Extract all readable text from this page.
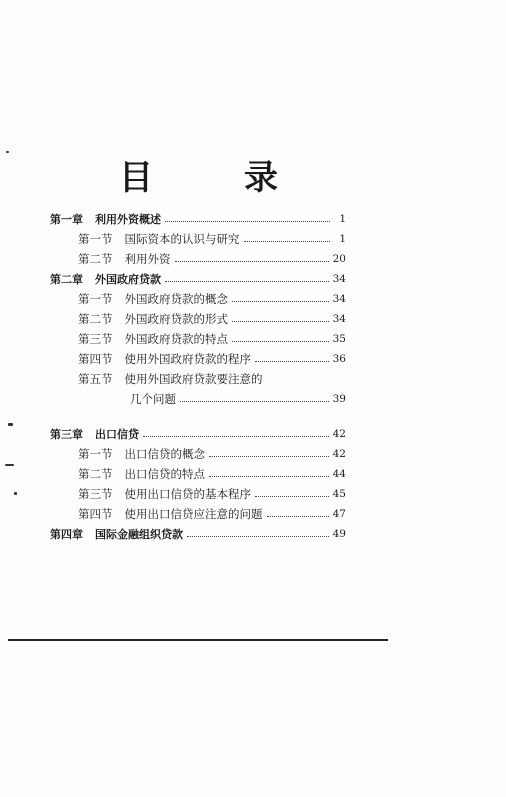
目	录
第一章 利用外资概述	1
第一节 国际资本的认识与研究	1
第二节 利用外资	20
第二章 外国政府贷款	34
第一节 外国政府贷款的概念	34
第二节 外国政府贷款的形式	34
第三节 外国政府贷款的特点	35
第四节 使用外国政府贷款的程序	36
第五节 使用外国政府贷款要注意的
几个问题	39
第三章 出口信贷	42
第一节 出口信贷的概念	42
第二节 出口信贷的特点	44
第三节 使用出口信贷的基本程序	45
第四节 使用出口信贷应注意的问题	47
第四章 国际金融组织贷款	49
